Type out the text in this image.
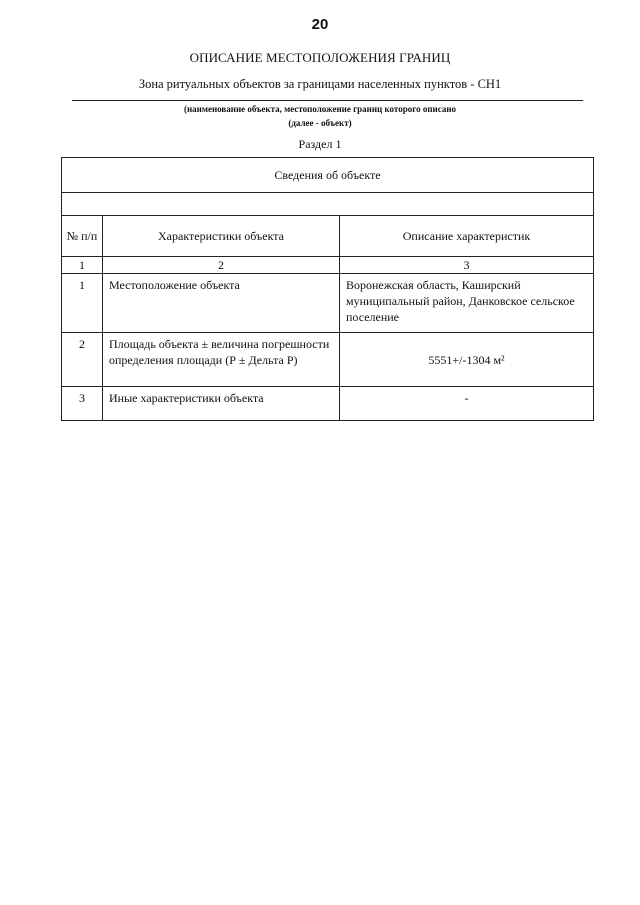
20
ОПИСАНИЕ МЕСТОПОЛОЖЕНИЯ ГРАНИЦ
Зона ритуальных объектов за границами населенных пунктов - СН1
(наименование объекта, местоположение границ которого описано
(далее - объект)
Раздел 1
Сведения об объекте		

№ п/п	Характеристики объекта	Описание характеристик
1	2	3
1	Местоположение объекта	Воронежская область, Каширский муниципальный район, Данковское сельское поселение
2	Площадь объекта ± величина погрешности определения площади (Р ± Дельта Р)	5551+/-1304 м²
3	Иные характеристики объекта	-
